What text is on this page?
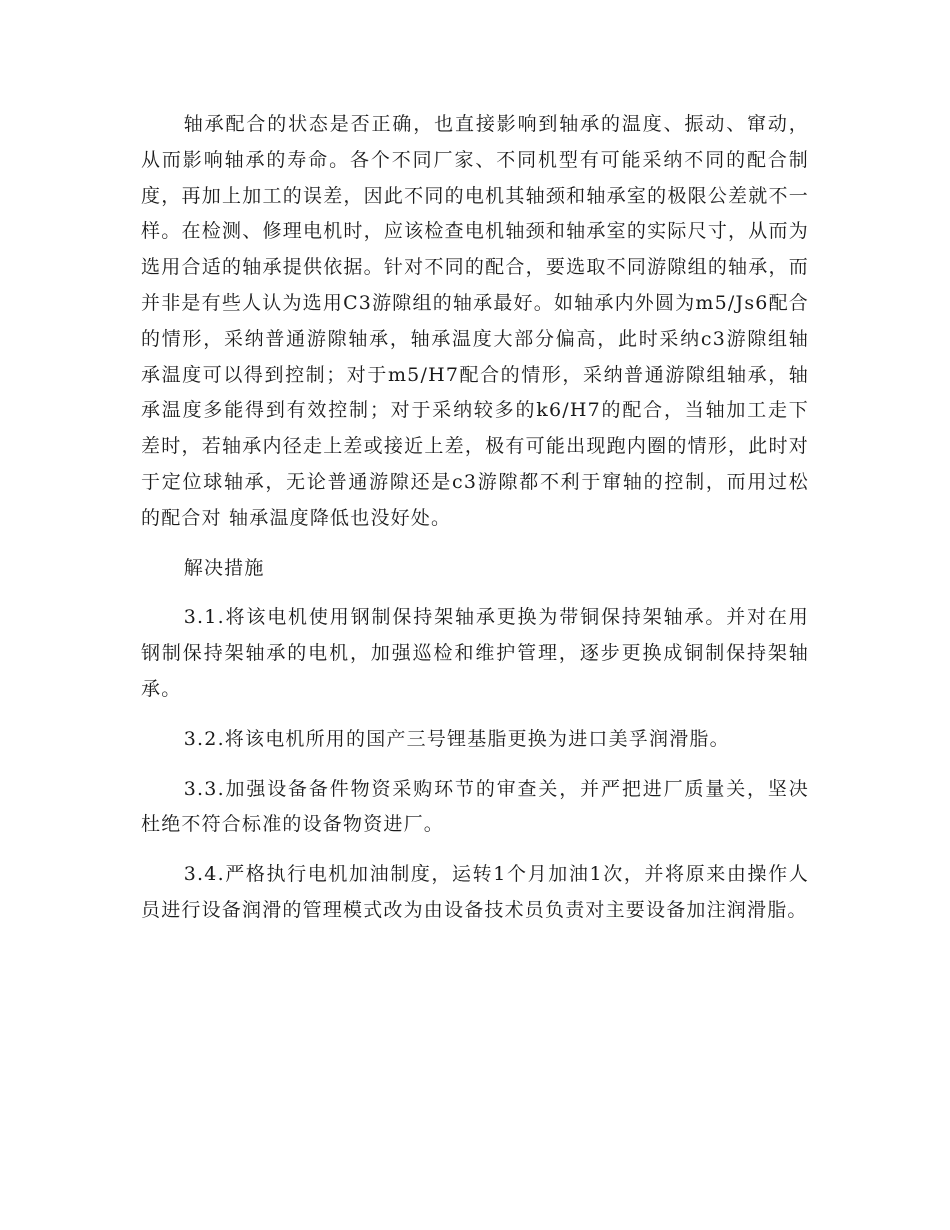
轴承配合的状态是否正确，也直接影响到轴承的温度、振动、窜动，从而影响轴承的寿命。各个不同厂家、不同机型有可能采纳不同的配合制度，再加上加工的误差，因此不同的电机其轴颈和轴承室的极限公差就不一样。在检测、修理电机时，应该检查电机轴颈和轴承室的实际尺寸，从而为选用合适的轴承提供依据。针对不同的配合，要选取不同游隙组的轴承，而并非是有些人认为选用C3游隙组的轴承最好。如轴承内外圆为m5/Js6配合的情形，采纳普通游隙轴承，轴承温度大部分偏高，此时采纳c3游隙组轴承温度可以得到控制；对于m5/H7配合的情形，采纳普通游隙组轴承，轴承温度多能得到有效控制；对于采纳较多的k6/H7的配合，当轴加工走下差时，若轴承内径走上差或接近上差，极有可能出现跑内圈的情形，此时对于定位球轴承，无论普通游隙还是c3游隙都不利于窜轴的控制，而用过松的配合对 轴承温度降低也没好处。

解决措施

3.1.将该电机使用钢制保持架轴承更换为带铜保持架轴承。并对在用钢制保持架轴承的电机，加强巡检和维护管理，逐步更换成铜制保持架轴承。

3.2.将该电机所用的国产三号锂基脂更换为进口美孚润滑脂。

3.3.加强设备备件物资采购环节的审查关，并严把进厂质量关，坚决杜绝不符合标准的设备物资进厂。

3.4.严格执行电机加油制度，运转1个月加油1次，并将原来由操作人员进行设备润滑的管理模式改为由设备技术员负责对主要设备加注润滑脂。
